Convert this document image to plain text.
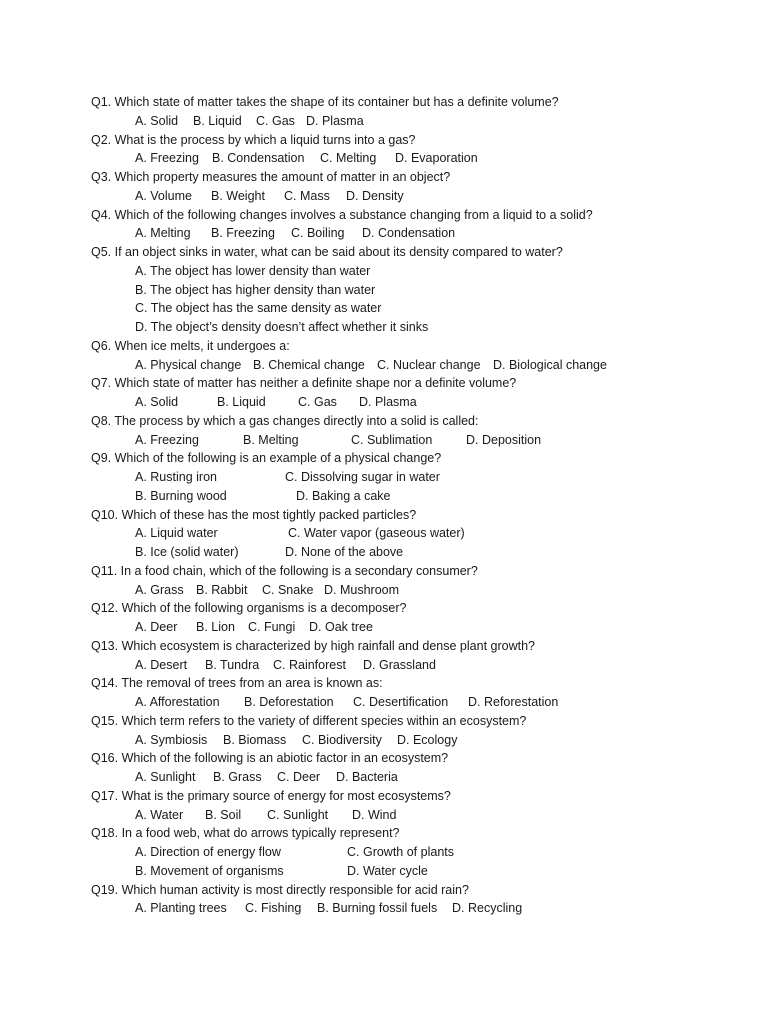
Q1. Which state of matter takes the shape of its container but has a definite volume?
A. Solid B. Liquid C. Gas D. Plasma
Q2. What is the process by which a liquid turns into a gas?
A. Freezing B. Condensation C. Melting D. Evaporation
Q3. Which property measures the amount of matter in an object?
A. Volume B. Weight C. Mass D. Density
Q4. Which of the following changes involves a substance changing from a liquid to a solid?
A. Melting B. Freezing C. Boiling D. Condensation
Q5. If an object sinks in water, what can be said about its density compared to water?
A. The object has lower density than water
B. The object has higher density than water
C. The object has the same density as water
D. The object’s density doesn’t affect whether it sinks
Q6. When ice melts, it undergoes a:
A. Physical change B. Chemical change C. Nuclear change D. Biological change
Q7. Which state of matter has neither a definite shape nor a definite volume?
A. Solid	B. Liquid	C. Gas D. Plasma
Q8. The process by which a gas changes directly into a solid is called:
A. Freezing	B. Melting	C. Sublimation	D. Deposition
Q9. Which of the following is an example of a physical change?
A. Rusting iron	C. Dissolving sugar in water
B. Burning wood	D. Baking a cake
Q10. Which of these has the most tightly packed particles?
A. Liquid water	C. Water vapor (gaseous water)
B. Ice (solid water)	D. None of the above
Q11. In a food chain, which of the following is a secondary consumer?
A. Grass B. Rabbit C. Snake D. Mushroom
Q12. Which of the following organisms is a decomposer?
A. Deer B. Lion C. Fungi D. Oak tree
Q13. Which ecosystem is characterized by high rainfall and dense plant growth?
A. Desert B. Tundra C. Rainforest D. Grassland
Q14. The removal of trees from an area is known as:
A. Afforestation B. Deforestation C. Desertification D. Reforestation
Q15. Which term refers to the variety of different species within an ecosystem?
A. Symbiosis B. Biomass C. Biodiversity D. Ecology
Q16. Which of the following is an abiotic factor in an ecosystem?
A. Sunlight B. Grass C. Deer D. Bacteria
Q17. What is the primary source of energy for most ecosystems?
A. Water B. Soil C. Sunlight D. Wind
Q18. In a food web, what do arrows typically represent?
A. Direction of energy flow	C. Growth of plants
B. Movement of organisms	D. Water cycle
Q19. Which human activity is most directly responsible for acid rain?
A. Planting trees C. Fishing B. Burning fossil fuels D. Recycling
